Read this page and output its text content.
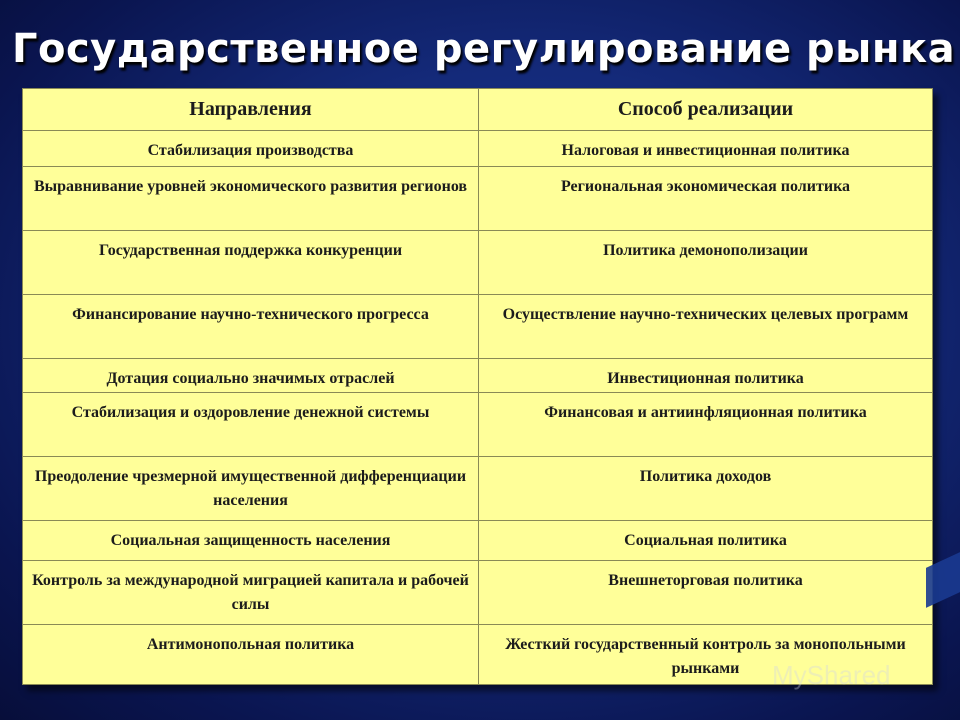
Государственное регулирование рынка
Направления	Способ реализации
Стабилизация производства	Налоговая и инвестиционная политика
Выравнивание уровней экономического развития регионов	Региональная экономическая политика
Государственная поддержка конкуренции	Политика демонополизации
Финансирование научно-технического прогресса	Осуществление научно-технических целевых программ
Дотация социально значимых отраслей	Инвестиционная политика
Стабилизация и оздоровление денежной системы	Финансовая и антиинфляционная политика
Преодоление чрезмерной имущественной дифференциации населения	Политика доходов
Социальная защищенность населения	Социальная политика
Контроль за международной миграцией капитала и рабочей силы	Внешнеторговая политика
Антимонопольная политика	Жесткий государственный контроль за монопольными рынками MyShared
